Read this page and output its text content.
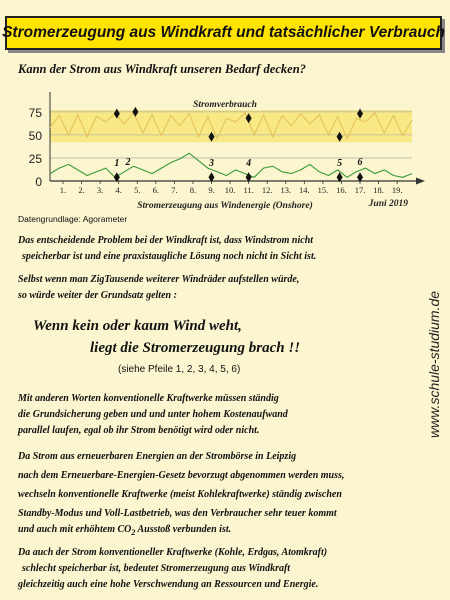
Stromerzeugung aus Windkraft und tatsächlicher Verbrauch
Kann der Strom aus Windkraft unseren Bedarf decken?
0
25
50
75
1. 2. 3. 4. 5. 6. 7. 8. 9. 10. 11. 12. 13. 14. 15. 16. 17. 18. 19.
Stromverbrauch
Stromerzeugung aus Windenergie (Onshore)	Juni 2019
1 2	3	4	5 6
Datengrundlage: Agorameter
Das entscheidende Problem bei der Windkraft ist, dass Windstrom nicht
speicherbar ist und eine praxistaugliche Lösung noch nicht in Sicht ist.
Selbst wenn man ZigTausende weiterer Windräder aufstellen würde,
so würde weiter der Grundsatz gelten :
Wenn kein oder kaum Wind weht,
liegt die Stromerzeugung brach !!
(siehe Pfeile 1, 2, 3, 4, 5, 6)
Mit anderen Worten konventionelle Kraftwerke müssen ständig
die Grundsicherung geben und und unter hohem Kostenaufwand
parallel laufen, egal ob ihr Strom benötigt wird oder nicht.
Da Strom aus erneuerbaren Energien an der Strombörse in Leipzig
nach dem Erneuerbare-Energien-Gesetz bevorzugt abgenommen werden muss,
wechseln konventionelle Kraftwerke (meist Kohlekraftwerke) ständig zwischen
Standby-Modus und Voll-Lastbetrieb, was den Verbraucher sehr teuer kommt
und auch mit erhöhtem $CO_2$ Ausstoß verbunden ist.
Da auch der Strom konventioneller Kraftwerke (Kohle, Erdgas, Atomkraft)
schlecht speicherbar ist, bedeutet Stromerzeugung aus Windkraft
gleichzeitig auch eine hohe Verschwendung an Ressourcen und Energie.
www.schule-studium.de
